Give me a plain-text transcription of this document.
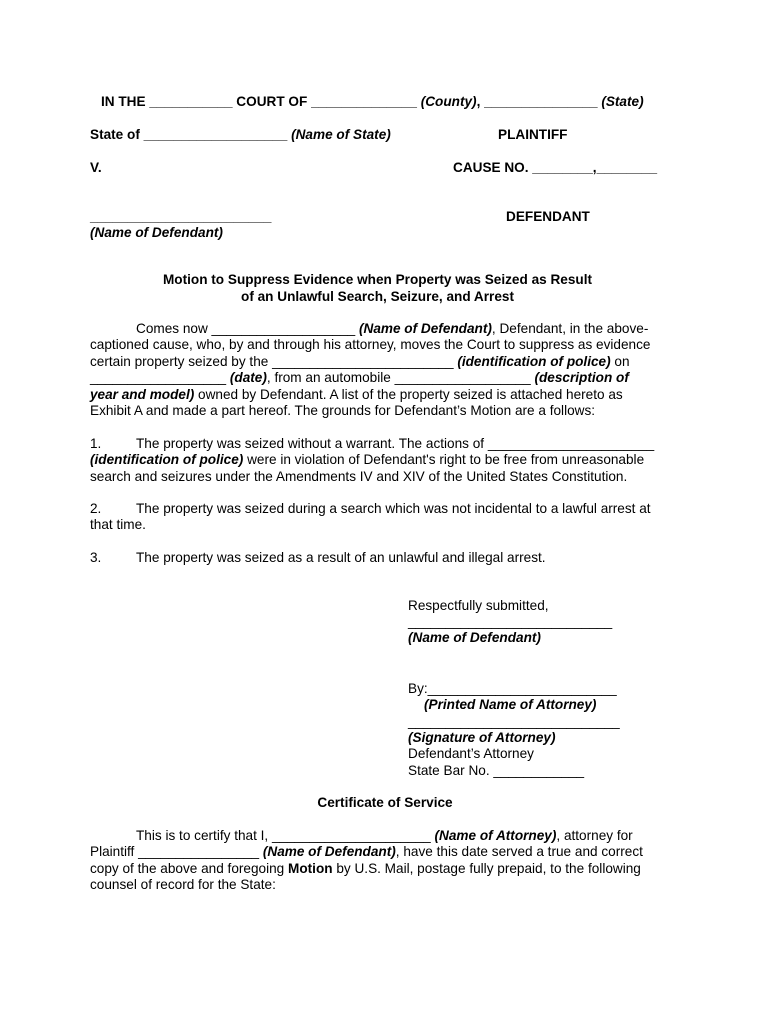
IN THE ___________ COURT OF ______________ (County), _______________ (State)
State of ___________________ (Name of State)	PLAINTIFF
V.	CAUSE NO. ________,________
________________________	DEFENDANT
(Name of Defendant)
Motion to Suppress Evidence when Property was Seized as Result
of an Unlawful Search, Seizure, and Arrest
Comes now ___________________ (Name of Defendant), Defendant, in the above-
captioned cause, who, by and through his attorney, moves the Court to suppress as evidence
certain property seized by the ________________________ (identification of police) on
__________________ (date), from an automobile __________________ (description of
year and model) owned by Defendant. A list of the property seized is attached hereto as
Exhibit A and made a part hereof. The grounds for Defendant’s Motion are a follows:
1.	The property was seized without a warrant. The actions of ______________________
(identification of police) were in violation of Defendant's right to be free from unreasonable
search and seizures under the Amendments IV and XIV of the United States Constitution.
2.	The property was seized during a search which was not incidental to a lawful arrest at
that time.
3.	The property was seized as a result of an unlawful and illegal arrest.
Respectfully submitted,
___________________________
(Name of Defendant)
By:_________________________
(Printed Name of Attorney)
____________________________
(Signature of Attorney)
Defendant’s Attorney
State Bar No. ____________
Certificate of Service
This is to certify that I, _____________________ (Name of Attorney), attorney for
Plaintiff ________________ (Name of Defendant), have this date served a true and correct
copy of the above and foregoing Motion by U.S. Mail, postage fully prepaid, to the following
counsel of record for the State:
